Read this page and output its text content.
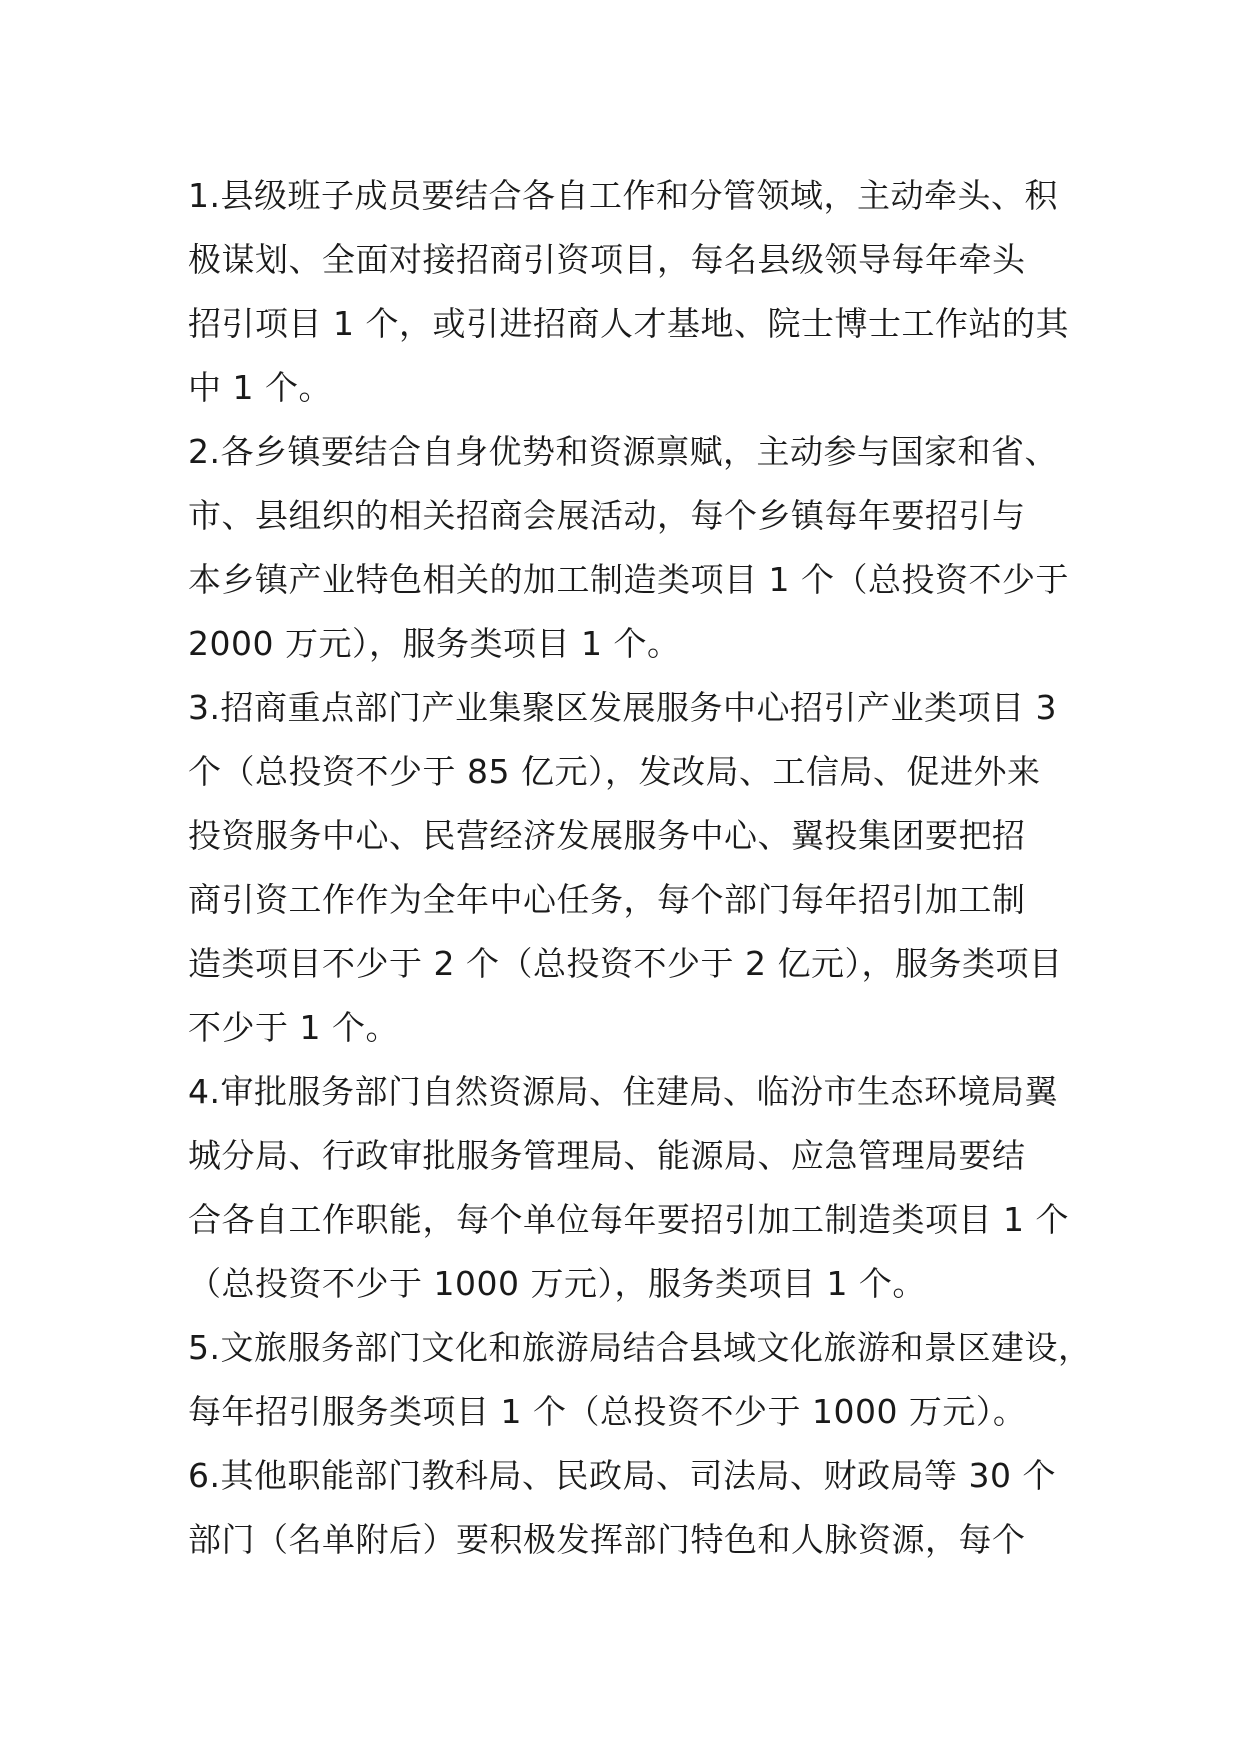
1.县级班子成员要结合各自工作和分管领域，主动牵头、积
极谋划、全面对接招商引资项目，每名县级领导每年牵头
招引项目 1 个，或引进招商人才基地、院士博士工作站的其
中 1 个。
2.各乡镇要结合自身优势和资源禀赋，主动参与国家和省、
市、县组织的相关招商会展活动，每个乡镇每年要招引与
本乡镇产业特色相关的加工制造类项目 1 个（总投资不少于
2000 万元），服务类项目 1 个。
3.招商重点部门产业集聚区发展服务中心招引产业类项目 3
个（总投资不少于 85 亿元），发改局、工信局、促进外来
投资服务中心、民营经济发展服务中心、翼投集团要把招
商引资工作作为全年中心任务，每个部门每年招引加工制
造类项目不少于 2 个（总投资不少于 2 亿元），服务类项目
不少于 1 个。
4.审批服务部门自然资源局、住建局、临汾市生态环境局翼
城分局、行政审批服务管理局、能源局、应急管理局要结
合各自工作职能，每个单位每年要招引加工制造类项目 1 个
（总投资不少于 1000 万元），服务类项目 1 个。
5.文旅服务部门文化和旅游局结合县域文化旅游和景区建设，
每年招引服务类项目 1 个（总投资不少于 1000 万元）。
6.其他职能部门教科局、民政局、司法局、财政局等 30 个
部门（名单附后）要积极发挥部门特色和人脉资源，每个
